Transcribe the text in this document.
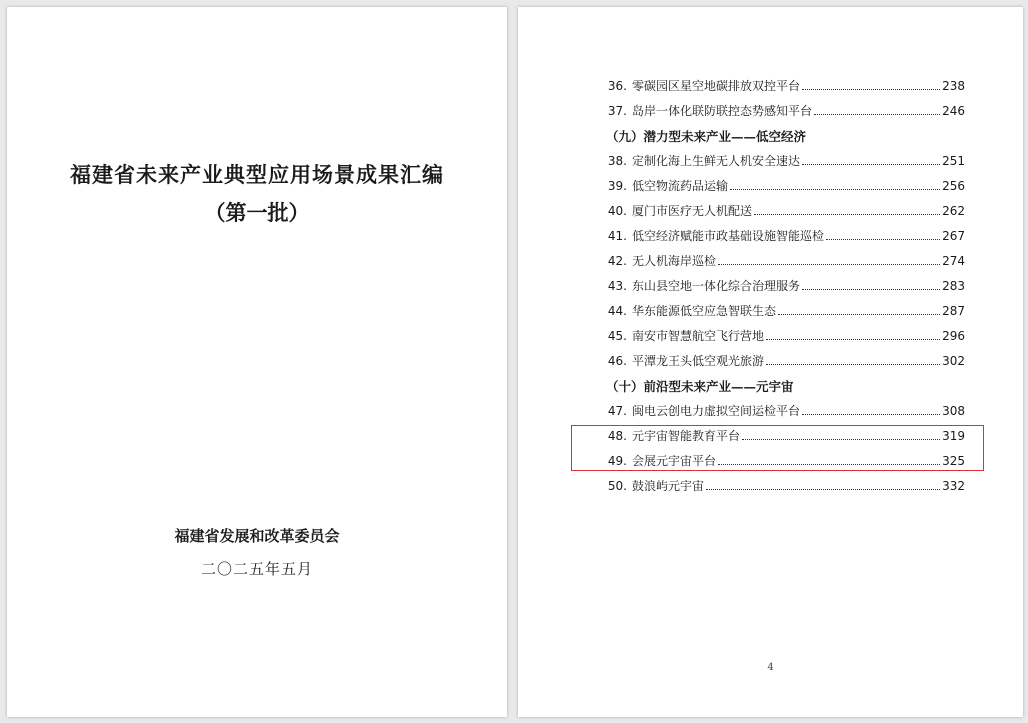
福建省未来产业典型应用场景成果汇编
（第一批）
福建省发展和改革委员会
二〇二五年五月
36. 零碳园区星空地碳排放双控平台	238
37. 岛岸一体化联防联控态势感知平台	246
（九）潜力型未来产业——低空经济
38. 定制化海上生鲜无人机安全速达	251
39. 低空物流药品运输	256
40. 厦门市医疗无人机配送	262
41. 低空经济赋能市政基础设施智能巡检	267
42. 无人机海岸巡检	274
43. 东山县空地一体化综合治理服务	283
44. 华东能源低空应急智联生态	287
45. 南安市智慧航空飞行营地	296
46. 平潭龙王头低空观光旅游	302
（十）前沿型未来产业——元宇宙
47. 闽电云创电力虚拟空间运检平台	308
48. 元宇宙智能教育平台	319
49. 会展元宇宙平台	325
50. 鼓浪屿元宇宙	332
4
